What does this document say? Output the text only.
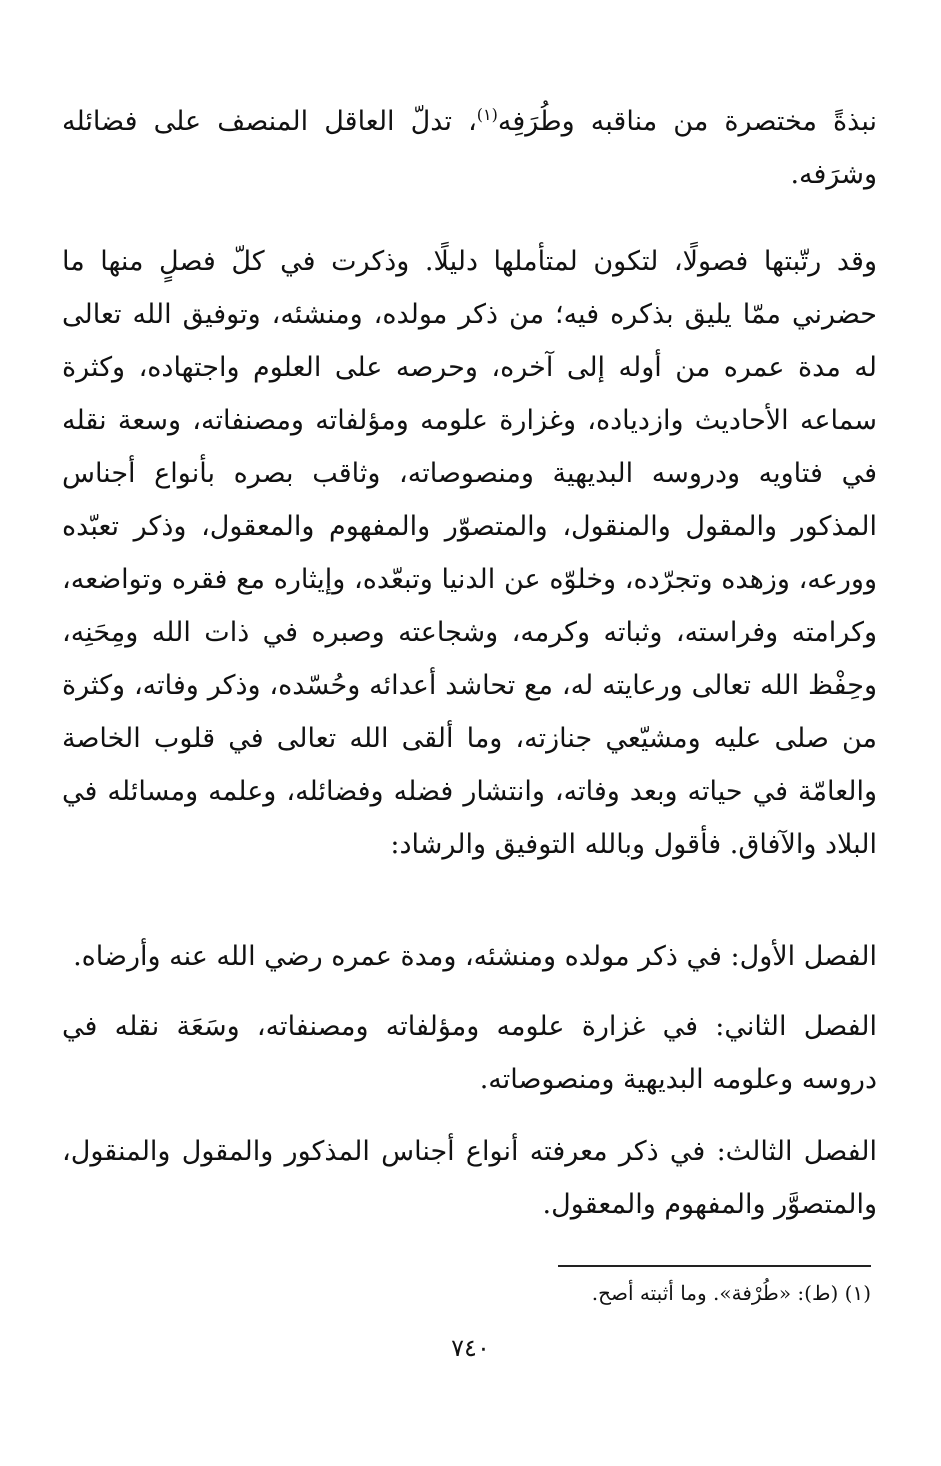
نبذةً مختصرة من مناقبه وطُرَفِه$^{(١)}$، تدلّ العاقل المنصف على فضائله وشرَفه.

وقد رتّبتها فصولًا، لتكون لمتأملها دليلًا. وذكرت في كلّ فصلٍ منها ما حضرني ممّا يليق بذكره فيه؛ من ذكر مولده، ومنشئه، وتوفيق الله تعالى له مدة عمره من أوله إلى آخره، وحرصه على العلوم واجتهاده، وكثرة سماعه الأحاديث وازدياده، وغزارة علومه ومؤلفاته ومصنفاته، وسعة نقله في فتاويه ودروسه البديهية ومنصوصاته، وثاقب بصره بأنواع أجناس المذكور والمقول والمنقول، والمتصوّر والمفهوم والمعقول، وذكر تعبّده وورعه، وزهده وتجرّده، وخلوّه عن الدنيا وتبعّده، وإيثاره مع فقره وتواضعه، وكرامته وفراسته، وثباته وكرمه، وشجاعته وصبره في ذات الله ومِحَنِه، وحِفْظ الله تعالى ورعايته له، مع تحاشد أعدائه وحُسّده، وذكر وفاته، وكثرة من صلى عليه ومشيّعي جنازته، وما ألقى الله تعالى في قلوب الخاصة والعامّة في حياته وبعد وفاته، وانتشار فضله وفضائله، وعلمه ومسائله في البلاد والآفاق. فأقول وبالله التوفيق والرشاد:

الفصل الأول: في ذكر مولده ومنشئه، ومدة عمره رضي الله عنه وأرضاه.

الفصل الثاني: في غزارة علومه ومؤلفاته ومصنفاته، وسَعَة نقله في دروسه وعلومه البديهية ومنصوصاته.

الفصل الثالث: في ذكر معرفته أنواع أجناس المذكور والمقول والمنقول، والمتصوَّر والمفهوم والمعقول.

(١) (ط): «طُرْفة». وما أثبته أصح.

٧٤٠
